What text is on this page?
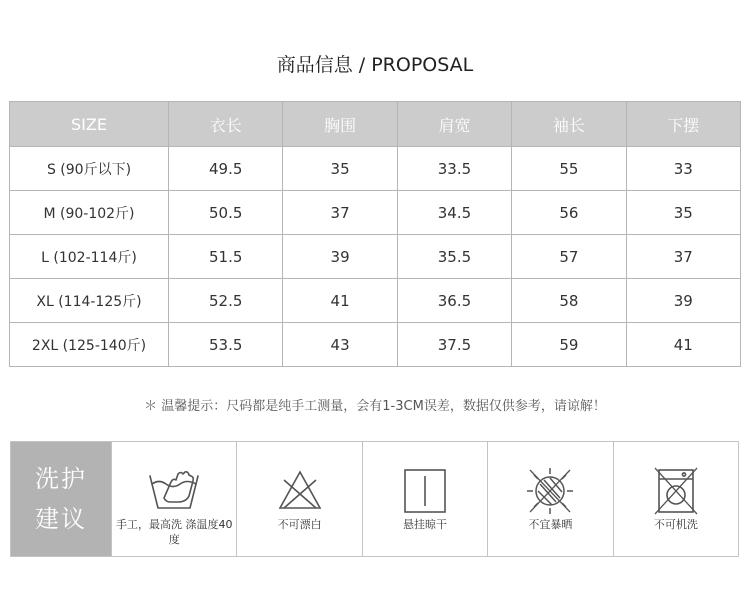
商品信息 / PROPOSAL
SIZE	衣长	胸围	肩宽	袖长	下摆
S (90斤以下)	49.5	35	33.5	55	33
M (90-102斤)	50.5	37	34.5	56	35
L (102-114斤)	51.5	39	35.5	57	37
XL (114-125斤)	52.5	41	36.5	58	39
2XL (125-140斤)	53.5	43	37.5	59	41
＊ 温馨提示：尺码都是纯手工测量，会有1-3CM误差，数据仅供参考，请谅解！
洗护
建议	手工，最高洗 涤温度40度
不可漂白	悬挂晾干	不宜暴晒	不可机洗
